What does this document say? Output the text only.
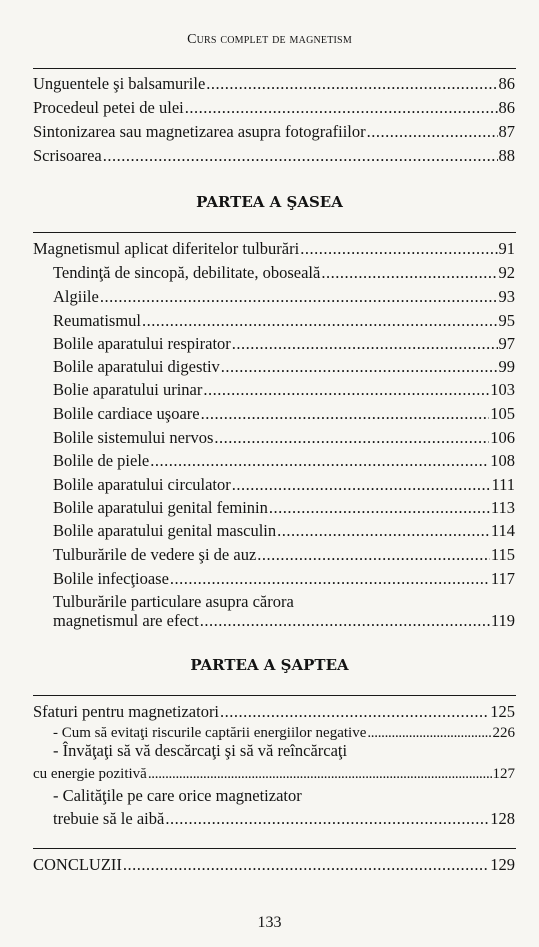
Curs complet de magnetism
Unguentele şi balsamurile .....	86
Procedeul petei de ulei .....	86
Sintonizarea sau magnetizarea asupra fotografiilor .....	87
Scrisoarea .....	88
PARTEA A ŞASEA
Magnetismul aplicat diferitelor tulburări .....	91
Tendinţă de sincopă, debilitate, oboseală .....	92
Algiile .....	93
Reumatismul .....	95
Bolile aparatului respirator .....	97
Bolile aparatului digestiv .....	99
Bolie aparatului urinar .....	103
Bolile cardiace uşoare .....	105
Bolile sistemului nervos .....	106
Bolile de piele .....	108
Bolile aparatului circulator .....	111
Bolile aparatului genital feminin .....	113
Bolile aparatului genital masculin .....	114
Tulburările de vedere şi de auz .....	115
Bolile infecţioase .....	117
Tulburările particulare asupra cărora
magnetismul are efect .....	119
PARTEA A ŞAPTEA
Sfaturi pentru magnetizatori .....	125
- Cum să evitaţi riscurile captării energiilor negative .....	226
- Învăţaţi să vă descărcaţi şi să vă reîncărcaţi
cu energie pozitivă .....	127
- Calităţile pe care orice magnetizator
trebuie să le aibă .....	128
CONCLUZII .....	129
133
